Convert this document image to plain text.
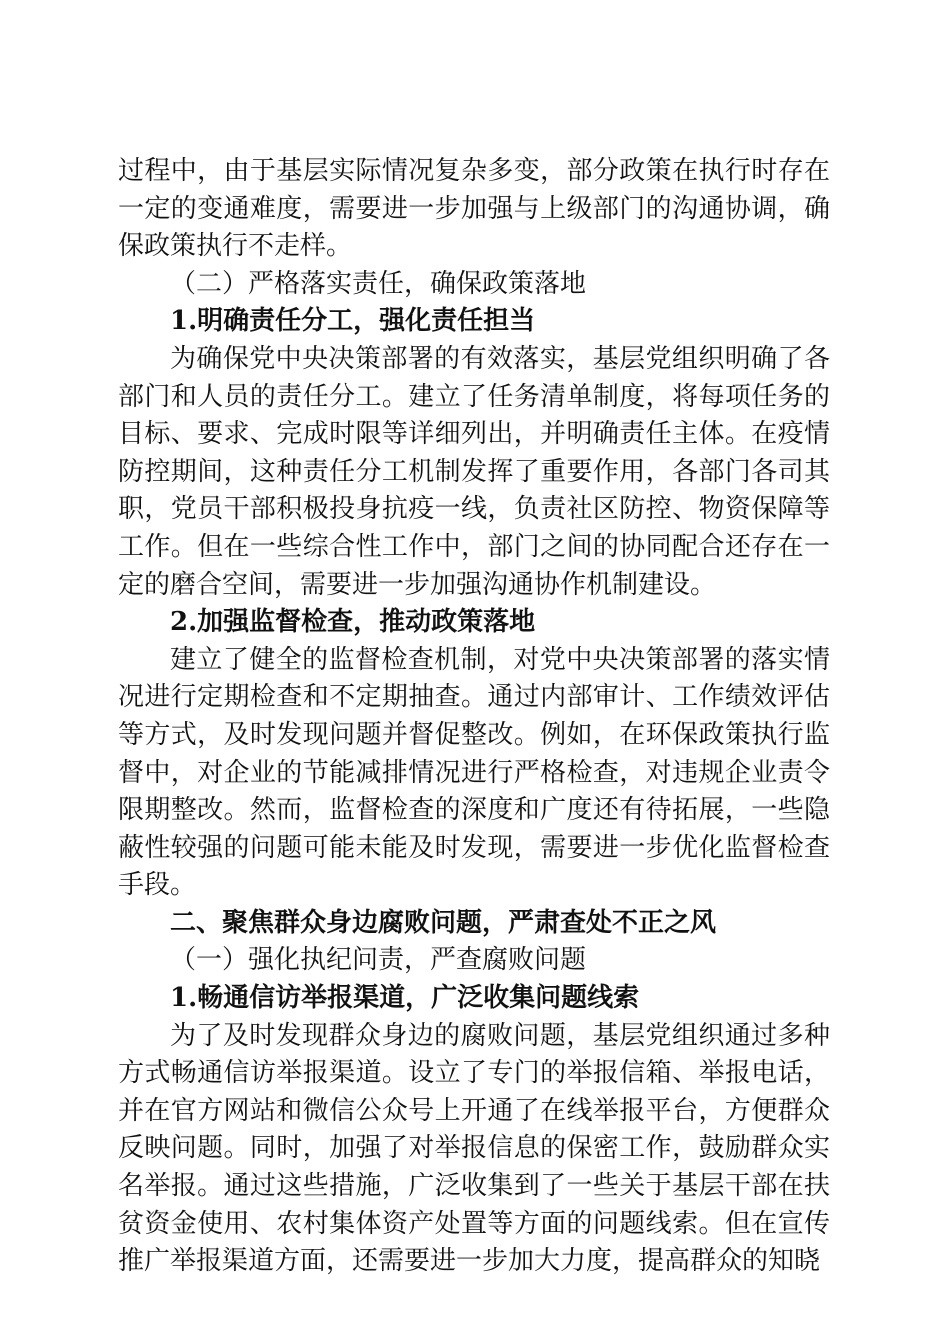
过程中，由于基层实际情况复杂多变，部分政策在执行时存在一定的变通难度，需要进一步加强与上级部门的沟通协调，确保政策执行不走样。

（二）严格落实责任，确保政策落地

1.明确责任分工，强化责任担当

为确保党中央决策部署的有效落实，基层党组织明确了各部门和人员的责任分工。建立了任务清单制度，将每项任务的目标、要求、完成时限等详细列出，并明确责任主体。在疫情防控期间，这种责任分工机制发挥了重要作用，各部门各司其职，党员干部积极投身抗疫一线，负责社区防控、物资保障等工作。但在一些综合性工作中，部门之间的协同配合还存在一定的磨合空间，需要进一步加强沟通协作机制建设。

2.加强监督检查，推动政策落地

建立了健全的监督检查机制，对党中央决策部署的落实情况进行定期检查和不定期抽查。通过内部审计、工作绩效评估等方式，及时发现问题并督促整改。例如，在环保政策执行监督中，对企业的节能减排情况进行严格检查，对违规企业责令限期整改。然而，监督检查的深度和广度还有待拓展，一些隐蔽性较强的问题可能未能及时发现，需要进一步优化监督检查手段。

二、聚焦群众身边腐败问题，严肃查处不正之风

（一）强化执纪问责，严查腐败问题

1.畅通信访举报渠道，广泛收集问题线索

为了及时发现群众身边的腐败问题，基层党组织通过多种方式畅通信访举报渠道。设立了专门的举报信箱、举报电话，并在官方网站和微信公众号上开通了在线举报平台，方便群众反映问题。同时，加强了对举报信息的保密工作，鼓励群众实名举报。通过这些措施，广泛收集到了一些关于基层干部在扶贫资金使用、农村集体资产处置等方面的问题线索。但在宣传推广举报渠道方面，还需要进一步加大力度，提高群众的知晓
